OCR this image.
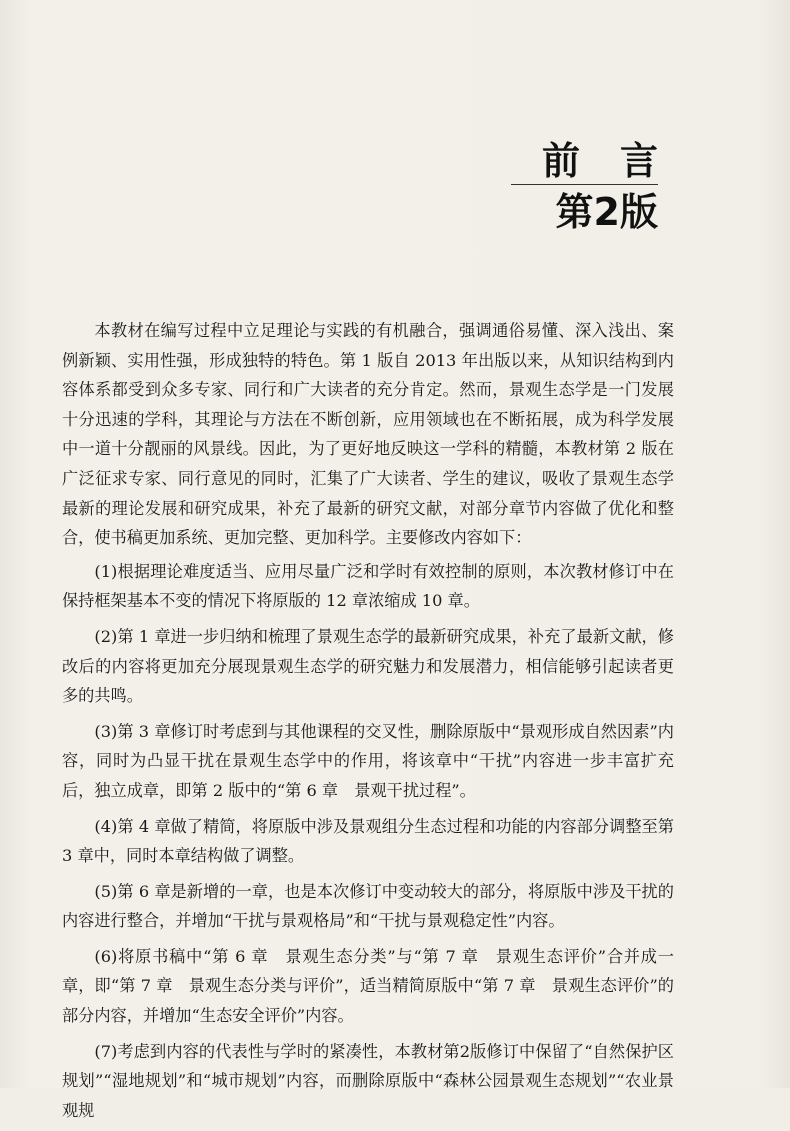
前言
第2版

本教材在编写过程中立足理论与实践的有机融合，强调通俗易懂、深入浅出、案例新颖、实用性强，形成独特的特色。第 1 版自 2013 年出版以来，从知识结构到内容体系都受到众多专家、同行和广大读者的充分肯定。然而，景观生态学是一门发展十分迅速的学科，其理论与方法在不断创新，应用领域也在不断拓展，成为科学发展中一道十分靓丽的风景线。因此，为了更好地反映这一学科的精髓，本教材第 2 版在广泛征求专家、同行意见的同时，汇集了广大读者、学生的建议，吸收了景观生态学最新的理论发展和研究成果，补充了最新的研究文献，对部分章节内容做了优化和整合，使书稿更加系统、更加完整、更加科学。主要修改内容如下：

(1)根据理论难度适当、应用尽量广泛和学时有效控制的原则，本次教材修订中在保持框架基本不变的情况下将原版的 12 章浓缩成 10 章。

(2)第 1 章进一步归纳和梳理了景观生态学的最新研究成果，补充了最新文献，修改后的内容将更加充分展现景观生态学的研究魅力和发展潜力，相信能够引起读者更多的共鸣。

(3)第 3 章修订时考虑到与其他课程的交叉性，删除原版中“景观形成自然因素”内容，同时为凸显干扰在景观生态学中的作用，将该章中“干扰”内容进一步丰富扩充后，独立成章，即第 2 版中的“第 6 章　景观干扰过程”。

(4)第 4 章做了精简，将原版中涉及景观组分生态过程和功能的内容部分调整至第 3 章中，同时本章结构做了调整。

(5)第 6 章是新增的一章，也是本次修订中变动较大的部分，将原版中涉及干扰的内容进行整合，并增加“干扰与景观格局”和“干扰与景观稳定性”内容。

(6)将原书稿中“第 6 章　景观生态分类”与“第 7 章　景观生态评价”合并成一章，即“第 7 章　景观生态分类与评价”，适当精简原版中“第 7 章　景观生态评价”的部分内容，并增加“生态安全评价”内容。

(7)考虑到内容的代表性与学时的紧凑性，本教材第2版修订中保留了“自然保护区规划”“湿地规划”和“城市规划”内容，而删除原版中“森林公园景观生态规划”“农业景观规
